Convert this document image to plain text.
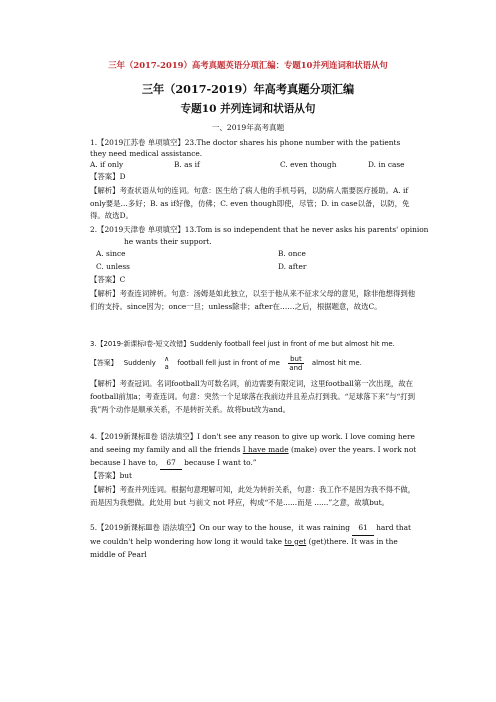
三年（2017-2019）高考真题英语分项汇编：专题10并列连词和状语从句
三年（2017-2019）年高考真题分项汇编
专题10 并列连词和状语从句
一、2019年高考真题
1.【2019江苏卷 单项填空】23.The doctor shares his phone number with the patients
they need medical assistance.
A. if only	B. as if	C. even though	D. in case
【答案】D
【解析】考查状语从句的连词。句意：医生给了病人他的手机号码，以防病人需要医疗援助。A. if only要是…多好；B. as if好像，仿佛；C. even though即使，尽管；D. in case以备，以防，免得。故选D。
2.【2019天津卷 单项填空】13.Tom is so independent that he never asks his parents' opinion
he wants their support.
A. since	B. once
C. unless	D. after
【答案】C
【解析】考查连词辨析。句意：汤姆是如此独立，以至于他从来不征求父母的意见，除非他想得到他们的支持。since因为；once一旦；unless除非；after在……之后，根据题意，故选C。
3.【2019-新课标I卷-短文改错】Suddenly football feel just in front of me but almost hit me.
【答案】 Suddenly ∧
a football fell just in front of me $\frac{\text{but}}{\text{and}}$ almost hit me.
【解析】考查冠词。名词football为可数名词，前边需要有限定词，这里football第一次出现，故在football前加a；考查连词。句意：突然一个足球落在我前边并且差点打到我。“足球落下来”与“打到我”两个动作是顺承关系，不是转折关系。故将but改为and。
4.【2019新课标Ⅱ卷 语法填空】I don't see any reason to give up work. I love coming here and seeing my family and all the friends I have made (make) over the years. I work not because I have to, 67 because I want to.”
【答案】but
【解析】考查并列连词。根据句意理解可知，此处为转折关系，句意：我工作不是因为我不得不做，而是因为我想做。此处用 but 与前文 not 呼应，构成“不是......而是 ......”之意，故填but。
5.【2019新课标Ⅲ卷 语法填空】On our way to the house，it was raining 61 hard that we couldn't help wondering how long it would take to get (get)there. It was in the middle of Pearl
